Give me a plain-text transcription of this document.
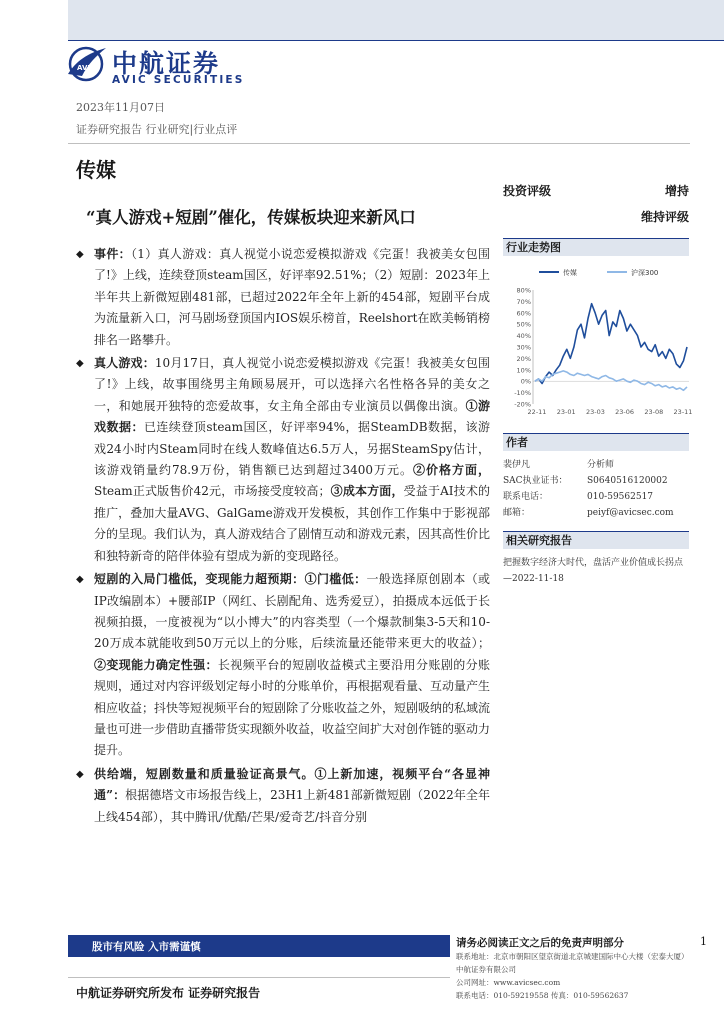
AVIC 中航证券
AVIC SECURITIES
2023年11月07日
证券研究报告 行业研究|行业点评
传媒
“真人游戏+短剧”催化，传媒板块迎来新风口
◆ 事件：（1）真人游戏：真人视觉小说恋爱模拟游戏《完蛋！我被美女包围了!》上线，连续登顶steam国区，好评率92.51%；（2）短剧：2023年上半年共上新微短剧481部，已超过2022年全年上新的454部，短剧平台成为流量新入口，河马剧场登顶国内IOS娱乐榜首，Reelshort在欧美畅销榜排名一路攀升。
◆ 真人游戏：10月17日，真人视觉小说恋爱模拟游戏《完蛋！我被美女包围了!》上线，故事围绕男主角顾易展开，可以选择六名性格各异的美女之一，和她展开独特的恋爱故事，女主角全部由专业演员以偶像出演。①游戏数据：已连续登顶steam国区，好评率94%，据SteamDB数据，该游戏24小时内Steam同时在线人数峰值达6.5万人，另据SteamSpy估计，该游戏销量约78.9万份，销售额已达到超过3400万元。②价格方面，Steam正式版售价42元，市场接受度较高；③成本方面，受益于AI技术的推广，叠加大量AVG、GalGame游戏开发模板，其创作工作集中于影视部分的呈现。我们认为，真人游戏结合了剧情互动和游戏元素，因其高性价比和独特新奇的陪伴体验有望成为新的变现路径。
◆ 短剧的入局门槛低，变现能力超预期：①门槛低：一般选择原创剧本（或IP改编剧本）+腰部IP（网红、长剧配角、选秀爱豆），拍摄成本远低于长视频拍摄，一度被视为“以小博大”的内容类型（一个爆款制集3-5天和10-20万成本就能收到50万元以上的分账，后续流量还能带来更大的收益）；②变现能力确定性强：长视频平台的短剧收益模式主要沿用分账剧的分账规则，通过对内容评级划定每小时的分账单价，再根据观看量、互动量产生相应收益；抖快等短视频平台的短剧除了分账收益之外，短剧吸纳的私域流量也可进一步借助直播带货实现额外收益，收益空间扩大对创作链的驱动力提升。
◆ 供给端，短剧数量和质量验证高景气。①上新加速，视频平台“各显神通”：根据德塔文市场报告线上，23H1上新481部新微短剧（2022年全年上线454部），其中腾讯/优酷/芒果/爱奇艺/抖音分别
投资评级	增持
维持评级
行业走势图
传媒	沪深300
80%
70%
60%
50%
40%
30%
20%
10%
0%
-10%
-20%
22-11 23-01 23-03 23-06 23-08 23-11
作者
裴伊凡	分析师
SAC执业证书： S0640516120002
联系电话：	010-59562517
邮箱：	peiyf@avicsec.com
相关研究报告
把握数字经济大时代，盘活产业价值成长拐点 —2022-11-18
股市有风险 入市需谨慎	请务必阅读正文之后的免责声明部分	1
联系地址：北京市朝阳区望京街道北京城建国际中心大楼（宏泰大厦）
中航证券有限公司
公司网址：www.avicsec.com
联系电话：010-59219558 传真：010-59562637
中航证券研究所发布 证券研究报告
